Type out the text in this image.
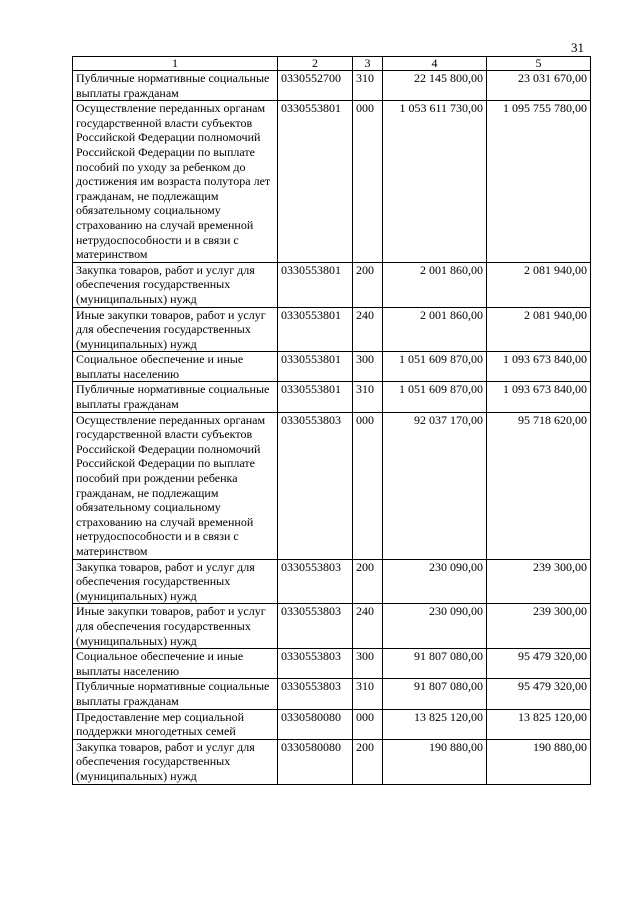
31
1	2	3	4	5
Публичные нормативные социальные выплаты гражданам	0330552700	310	22 145 800,00	23 031 670,00
Осуществление переданных органам государственной власти субъектов Российской Федерации полномочий Российской Федерации по выплате пособий по уходу за ребенком до достижения им возраста полутора лет гражданам, не подлежащим обязательному социальному страхованию на случай временной нетрудоспособности и в связи с материнством	0330553801	000	1 053 611 730,00	1 095 755 780,00
Закупка товаров, работ и услуг для обеспечения государственных (муниципальных) нужд	0330553801	200	2 001 860,00	2 081 940,00
Иные закупки товаров, работ и услуг для обеспечения государственных (муниципальных) нужд	0330553801	240	2 001 860,00	2 081 940,00
Социальное обеспечение и иные выплаты населению	0330553801	300	1 051 609 870,00	1 093 673 840,00
Публичные нормативные социальные выплаты гражданам	0330553801	310	1 051 609 870,00	1 093 673 840,00
Осуществление переданных органам государственной власти субъектов Российской Федерации полномочий Российской Федерации по выплате пособий при рождении ребенка гражданам, не подлежащим обязательному социальному страхованию на случай временной нетрудоспособности и в связи с материнством	0330553803	000	92 037 170,00	95 718 620,00
Закупка товаров, работ и услуг для обеспечения государственных (муниципальных) нужд	0330553803	200	230 090,00	239 300,00
Иные закупки товаров, работ и услуг для обеспечения государственных (муниципальных) нужд	0330553803	240	230 090,00	239 300,00
Социальное обеспечение и иные выплаты населению	0330553803	300	91 807 080,00	95 479 320,00
Публичные нормативные социальные выплаты гражданам	0330553803	310	91 807 080,00	95 479 320,00
Предоставление мер социальной поддержки многодетных семей	0330580080	000	13 825 120,00	13 825 120,00
Закупка товаров, работ и услуг для обеспечения государственных (муниципальных) нужд	0330580080	200	190 880,00	190 880,00
